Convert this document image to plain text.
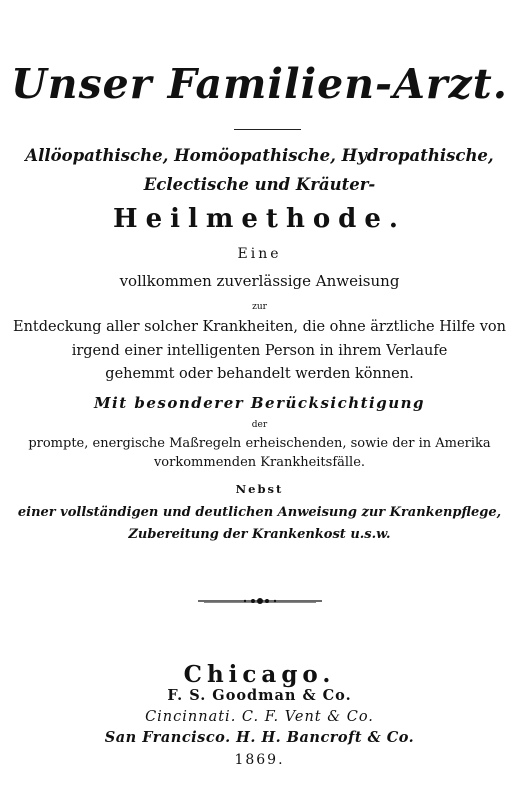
Unser Familien-Arzt.
Allöopathische, Homöopathische, Hydropathische,
Eclectische und Kräuter-
Heilmethode.
Eine
vollkommen zuverlässige Anweisung
zur
Entdeckung aller solcher Krankheiten, die ohne ärztliche Hilfe von
irgend einer intelligenten Person in ihrem Verlaufe
gehemmt oder behandelt werden können.
Mit besonderer Berücksichtigung
der
prompte, energische Maßregeln erheischenden, sowie der in Amerika
vorkommenden Krankheitsfälle.
Nebst
einer vollständigen und deutlichen Anweisung zur Krankenpflege,
Zubereitung der Krankenkost u.s.w.
Chicago.
F. S. Goodman & Co.
Cincinnati. C. F. Vent & Co.
San Francisco. H. H. Bancroft & Co.
1869.
